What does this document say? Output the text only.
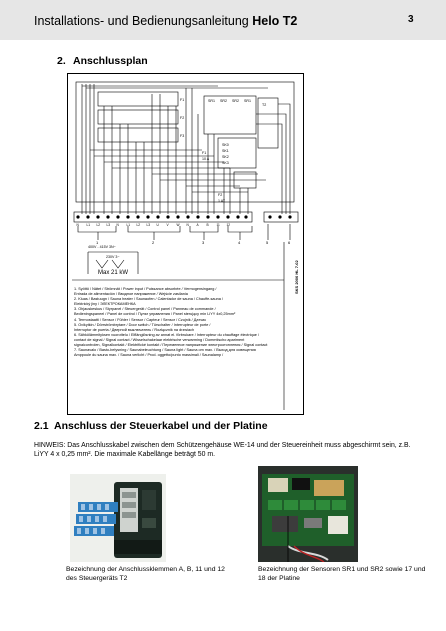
Installations- und Bedienungsanleitung Helo T2	3
2. Anschlussplan
SR1 SR2 SR2 SR1
F1
F2
F3
F1
10 A
F2
1 AT
SK0
SK1
SK2
SK3
T2
400V - 415V 3N~
230V 3~
N L1 L2 L3 N L1 L2 L3 U V W N A B 11 12
1	2	3	4	5	6
Max 21 kW	SKS 2000 HL 7-02

1. Syöttö / Nätet / Strömnät / Power input / Puissance absorbée / Vermogensingang /

Entrada de alimentación / Вводное напряжение / Wejście zasilania

2. Kiuas / Bastuugn / Sauna heater / Saunaofen / Calentador de sauna / Chauffe-sauna /

Elektrický jiny / ЭЛЕКТРОКАМЕНКА

3. Ohjauskeskus / Styrpanel / Steuergerät / Control panel / Panneau de commande /

Bedieningspaneel / Panel de control / Пульт управления / Panel sterujący min LiYY 4x0,25mm²

4. Termostaatti / Sensor / Fühler / Sensor / Capteur / Sensor / Czujnik / Датчик

5. Ovikytkin / Dörrströmbrytare / Door switch / Türschalter / Interrupteur de porte /

Interruptor de puerta / Дверной выключатель / Rozłącznik na drzwiach

6. Sähkölämmityksen vuorottelu / Elflänglösning av annat el. förbrukare / Interrupteur du chauffage électrique /

contact de signal / Signal contact / Wisselschakelaar elektrische verwarming / Dommtischo apariment

signalcontrolen, Signalkontakt / Elektrifické kontakt / Переменное напряжение электроотопления / Signal contact

7. Saunavalo / Basto-belysning / Saunabeleuchtung / Sauna light / Sauna om max. / Выход для освещения

Amppoule du sauna max. / Sauna verlicht / Prod. oggetto/punto massimali / Saunalamp /

2.1 Anschluss der Steuerkabel und der Platine
HINWEIS: Das Anschlusskabel zwischen dem Schützengehäuse WE-14 und der Steuereinheit muss abgeschirmt sein, z.B. LiYY 4 x 0,25 mm². Die maximale Kabellänge beträgt 50 m.
Bezeichnung der Anschlussklemmen A, B, 11 und 12 des Steuergeräts T2
Bezeichnung der Sensoren SR1 und SR2 sowie 17 und 18 der Platine
